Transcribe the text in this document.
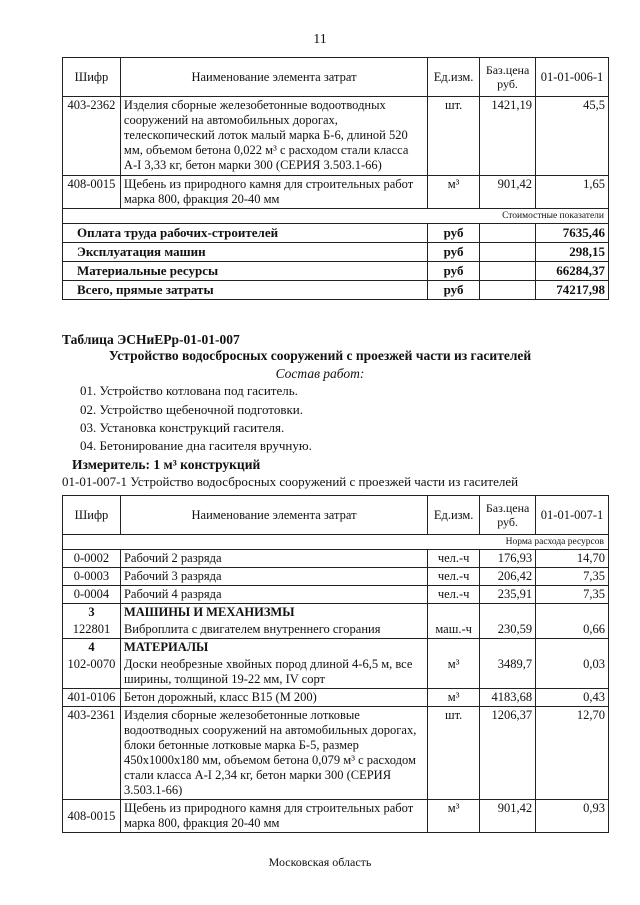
11
Шифр	Наименование элемента затрат	Ед.изм.	Баз.цена руб.	01-01-006-1
403-2362	Изделия сборные железобетонные водоотводных сооружений на автомобильных дорогах, телескопический лоток малый марка Б-6, длиной 520 мм, объемом бетона 0,022 м³ с расходом стали класса А-I 3,33 кг, бетон марки 300 (СЕРИЯ 3.503.1-66)	шт.	1421,19	45,5
408-0015	Щебень из природного камня для строительных работ марка 800, фракция 20-40 мм	м³	901,42	1,65
Стоимостные показатели				
Оплата труда рабочих-строителей		руб		7635,46
Эксплуатация машин		руб		298,15
Материальные ресурсы		руб		66284,37
Всего, прямые затраты		руб		74217,98
Таблица ЭСНиЕРр-01-01-007
Устройство водосбросных сооружений с проезжей части из гасителей
Состав работ:
01. Устройство котлована под гаситель.
02. Устройство щебеночной подготовки.
03. Установка конструкций гасителя.
04. Бетонирование дна гасителя вручную.
Измеритель: 1 м³ конструкций
01-01-007-1 Устройство водосбросных сооружений с проезжей части из гасителей
Шифр	Наименование элемента затрат	Ед.изм.	Баз.цена руб.	01-01-007-1
Норма расхода ресурсов				
0-0002	Рабочий 2 разряда	чел.-ч	176,93	14,70
0-0003	Рабочий 3 разряда	чел.-ч	206,42	7,35
0-0004	Рабочий 4 разряда	чел.-ч	235,91	7,35
3	МАШИНЫ И МЕХАНИЗМЫ			
122801	Виброплита с двигателем внутреннего сгорания	маш.-ч	230,59	0,66
4	МАТЕРИАЛЫ			
102-0070	Доски необрезные хвойных пород длиной 4-6,5 м, все ширины, толщиной 19-22 мм, IV сорт	м³	3489,7	0,03
401-0106	Бетон дорожный, класс B15 (М 200)	м³	4183,68	0,43
403-2361	Изделия сборные железобетонные лотковые водоотводных сооружений на автомобильных дорогах, блоки бетонные лотковые марка Б-5, размер 450х1000х180 мм, объемом бетона 0,079 м³ с расходом стали класса А-I 2,34 кг, бетон марки 300 (СЕРИЯ 3.503.1-66)	шт.	1206,37	12,70
408-0015	Щебень из природного камня для строительных работ марка 800, фракция 20-40 мм	м³	901,42	0,93
Московская область
